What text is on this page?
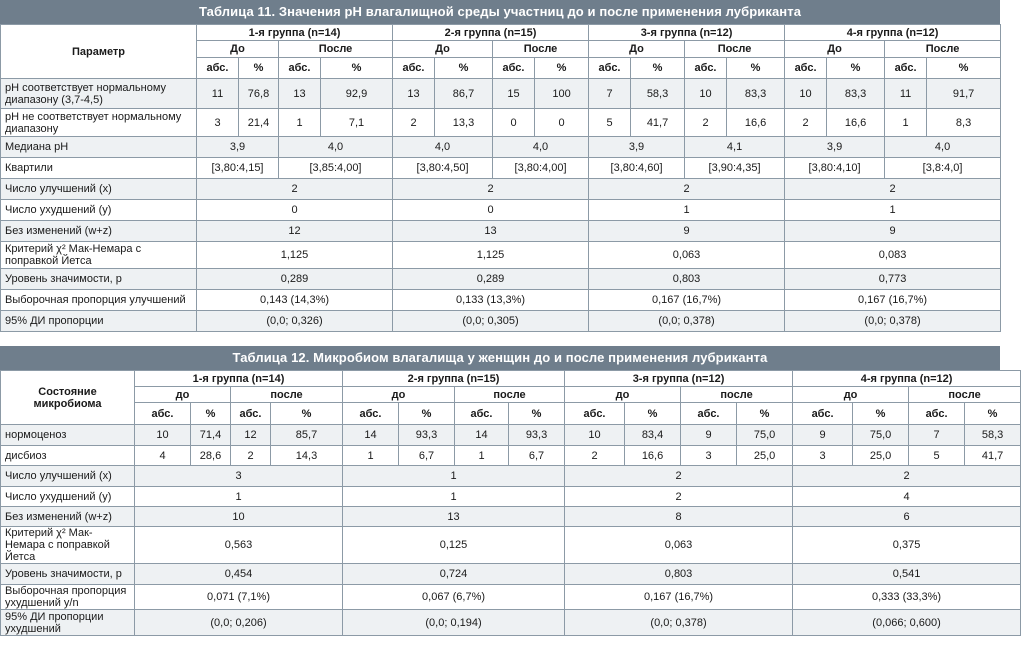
Таблица 11. Значения рН влагалищной среды участниц до и после применения лубриканта
Параметр	1-я группа (n=14)				2-я группа (n=15)				3-я группа (n=12)				4-я группа (n=12)			
	До		После		До		После		До		После		До		После	
	абс.	%	абс.	%	абс.	%	абс.	%	абс.	%	абс.	%	абс.	%	абс.	%
рН соответствует нормальному диапазону (3,7-4,5)	11	76,8	13	92,9	13	86,7	15	100	7	58,3	10	83,3	10	83,3	11	91,7
рН не соответствует нормальному диапазону	3	21,4	1	7,1	2	13,3	0	0	5	41,7	2	16,6	2	16,6	1	8,3
Медиана рН	3,9		4,0		4,0		4,0		3,9		4,1		3,9		4,0	
Квартили	[3,80:4,15]		[3,85:4,00]		[3,80:4,50]		[3,80:4,00]		[3,80:4,60]		[3,90:4,35]		[3,80:4,10]		[3,8:4,0]	
Число улучшений (x)	2				2				2				2			
Число ухудшений (y)	0				0				1				1			
Без изменений (w+z)	12				13				9				9			
Критерий χ² Мак-Немара с поправкой Йетса	1,125				1,125				0,063				0,083			
Уровень значимости, p	0,289				0,289				0,803				0,773			
Выборочная пропорция улучшений	0,143 (14,3%)				0,133 (13,3%)				0,167 (16,7%)				0,167 (16,7%)			
95% ДИ пропорции	(0,0; 0,326)				(0,0; 0,305)				(0,0; 0,378)				(0,0; 0,378)			
Таблица 12. Микробиом влагалища у женщин до и после применения лубриканта
Состояние микробиома	1-я группа (n=14)				2-я группа (n=15)				3-я группа (n=12)				4-я группа (n=12)			
	до		после		до		после		до		после		до		после	
	абс.	%	абс.	%	абс.	%	абс.	%	абс.	%	абс.	%	абс.	%	абс.	%
нормоценоз	10	71,4	12	85,7	14	93,3	14	93,3	10	83,4	9	75,0	9	75,0	7	58,3
дисбиоз	4	28,6	2	14,3	1	6,7	1	6,7	2	16,6	3	25,0	3	25,0	5	41,7
Число улучшений (x)	3				1				2				2			
Число ухудшений (y)	1				1				2				4			
Без изменений (w+z)	10				13				8				6			
Критерий χ² Мак-Немара с поправкой Йетса	0,563				0,125				0,063				0,375			
Уровень значимости, p	0,454				0,724				0,803				0,541			
Выборочная пропорция ухудшений y/n	0,071 (7,1%)				0,067 (6,7%)				0,167 (16,7%)				0,333 (33,3%)			
95% ДИ пропорции ухудшений	(0,0; 0,206)				(0,0; 0,194)				(0,0; 0,378)				(0,066; 0,600)			
